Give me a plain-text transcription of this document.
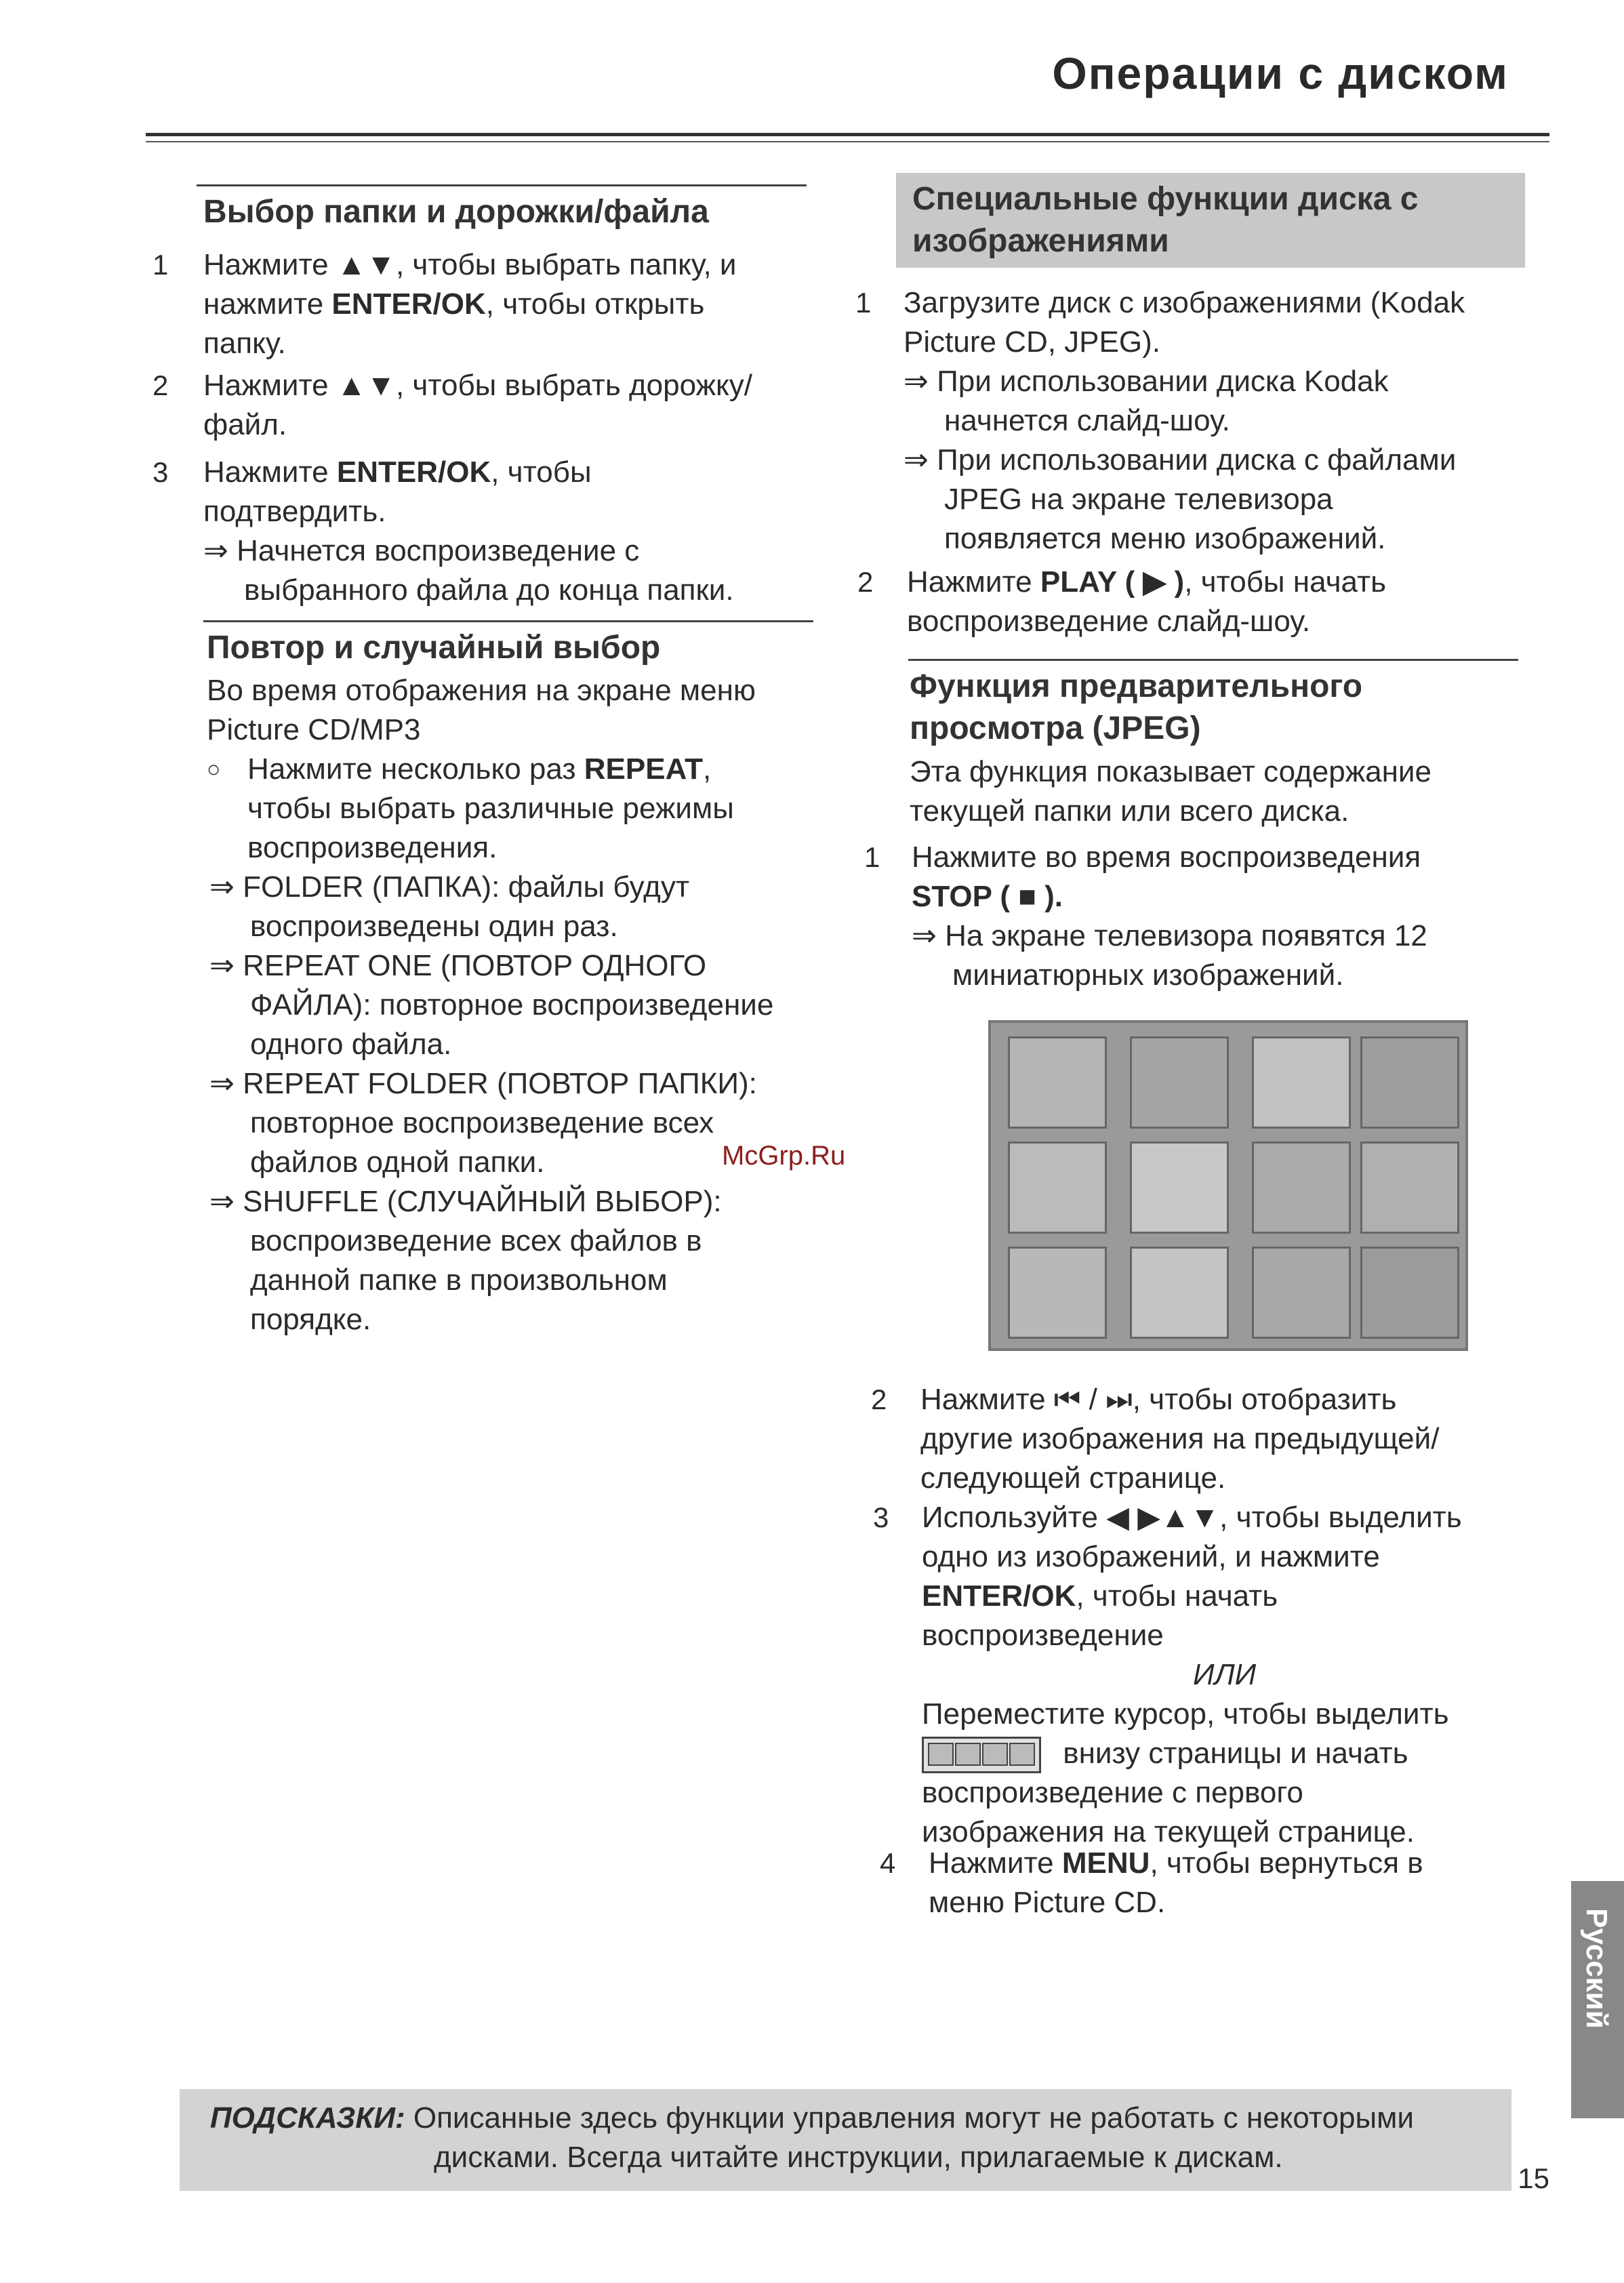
Операции с диском
Выбор папки и дорожки/файла
1 Нажмите ▲▼, чтобы выбрать папку, и
нажмите ENTER/OK, чтобы открыть
папку.
2 Нажмите ▲▼, чтобы выбрать дорожку/
файл.
3 Нажмите ENTER/OK, чтобы
подтвердить.
⇒ Начнется воспроизведение с
выбранного файла до конца папки.
Повтор и случайный выбор
Во время отображения на экране меню
Picture CD/MP3
○ Нажмите несколько раз REPEAT,
чтобы выбрать различные режимы
воспроизведения.
⇒ FOLDER (ПАПКА): файлы будут
воспроизведены один раз.
⇒ REPEAT ONE (ПОВТОР ОДНОГО
ФАЙЛА): повторное воспроизведение
одного файла.
⇒ REPEAT FOLDER (ПОВТОР ПАПКИ):
повторное воспроизведение всех
файлов одной папки.
⇒ SHUFFLE (СЛУЧАЙНЫЙ ВЫБОР):
воспроизведение всех файлов в
данной папке в произвольном
порядке.
McGrp.Ru
Специальные функции диска с
изображениями
1 Загрузите диск с изображениями (Kodak
Picture CD, JPEG).
⇒ При использовании диска Kodak
начнется слайд-шоу.
⇒ При использовании диска с файлами
JPEG на экране телевизора
появляется меню изображений.
2 Нажмите PLAY ( ▶ ), чтобы начать
воспроизведение слайд-шоу.
Функция предварительного
просмотра (JPEG)
Эта функция показывает содержание
текущей папки или всего диска.
1 Нажмите во время воспроизведения
STOP ( ■ ).
⇒ На экране телевизора появятся 12
миниатюрных изображений.
2 Нажмите ⏮ / ⏭, чтобы отобразить
другие изображения на предыдущей/
следующей странице.
3 Используйте ◀ ▶▲▼, чтобы выделить
одно из изображений, и нажмите
ENTER/OK, чтобы начать
воспроизведение
ИЛИ
Переместите курсор, чтобы выделить
внизу страницы и начать
воспроизведение с первого
изображения на текущей странице.
4 Нажмите MENU, чтобы вернуться в
меню Picture CD.
Русский
ПОДСКАЗКИ: Описанные здесь функции управления могут не работать с некоторыми
дисками. Всегда читайте инструкции, прилагаемые к дискам.
15
